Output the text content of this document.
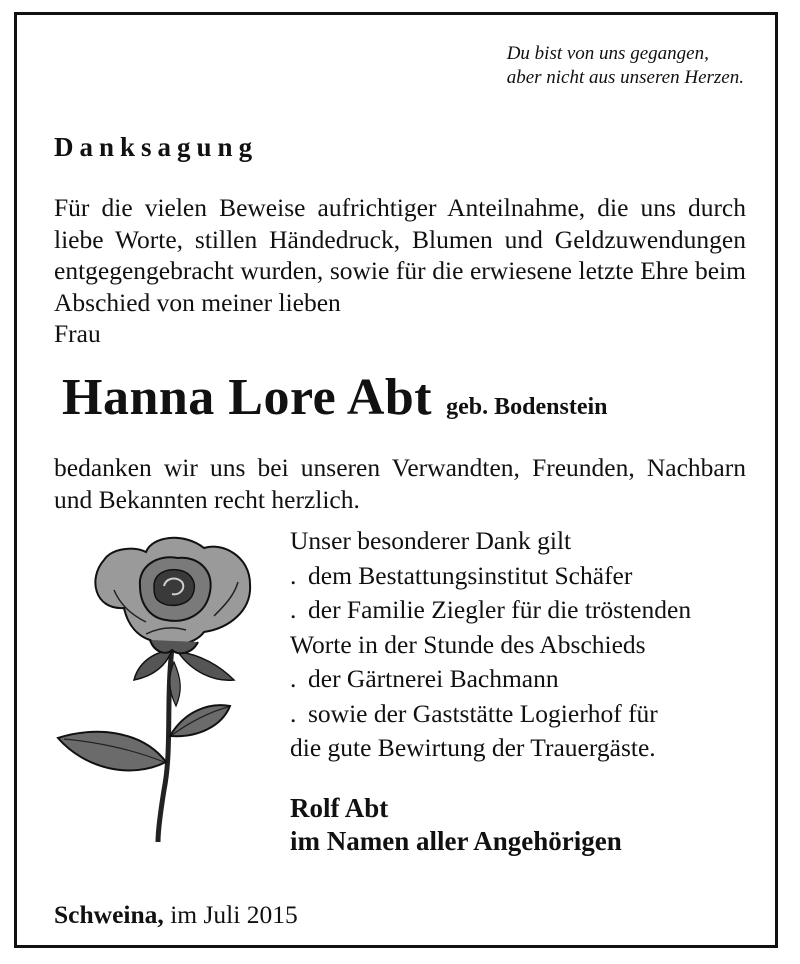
Du bist von uns gegangen,
aber nicht aus unseren Herzen.
Danksagung
Für die vielen Beweise aufrichtiger Anteilnahme, die uns durch liebe Worte, stillen Händedruck, Blumen und Geldzuwendungen entgegengebracht wurden, sowie für die erwiesene letzte Ehre beim Abschied von meiner lieben
Frau
Hanna Lore Abt geb. Bodenstein
bedanken wir uns bei unseren Verwandten, Freunden, Nachbarn und Bekannten recht herzlich.
Unser besonderer Dank gilt
. dem Bestattungsinstitut Schäfer
. der Familie Ziegler für die tröstenden
Worte in der Stunde des Abschieds
. der Gärtnerei Bachmann
. sowie der Gaststätte Logierhof für
die gute Bewirtung der Trauergäste.
Rolf Abt
im Namen aller Angehörigen
Schweina, im Juli 2015
